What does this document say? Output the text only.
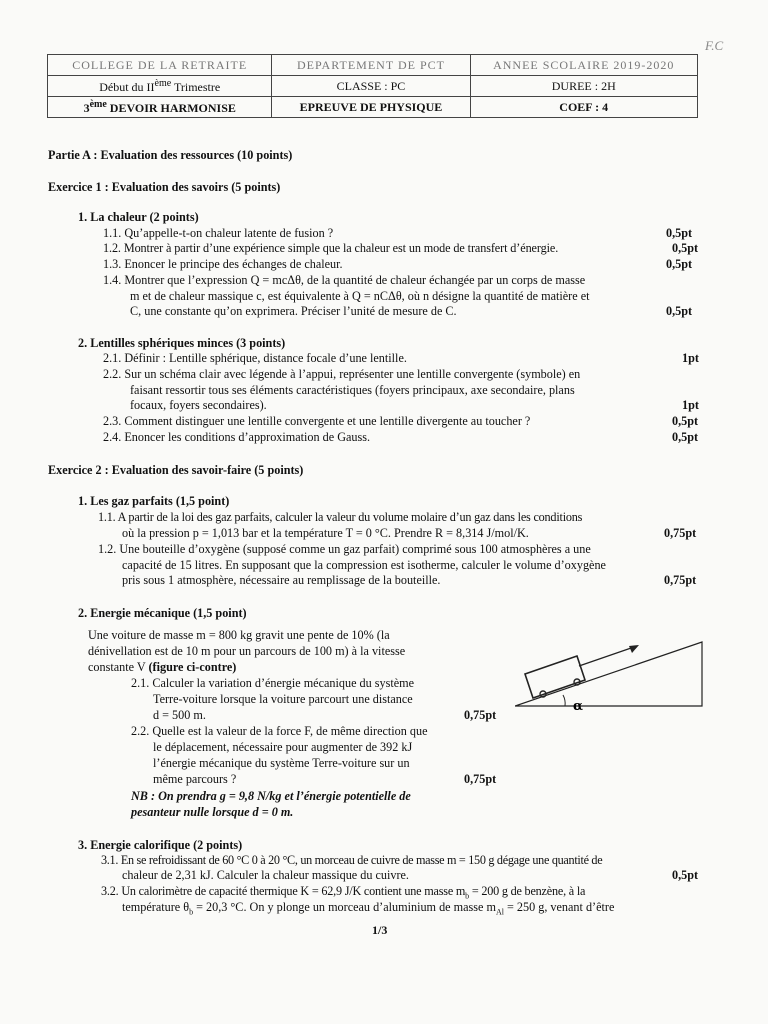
F.C
COLLEGE DE LA RETRAITE	DEPARTEMENT DE PCT	ANNEE SCOLAIRE 2019-2020
Début du IIème Trimestre	CLASSE : PC	DUREE : 2H
3ème DEVOIR HARMONISE	EPREUVE DE PHYSIQUE	COEF : 4
Partie A : Evaluation des ressources (10 points)
Exercice 1 : Evaluation des savoirs (5 points)
1. La chaleur (2 points)
1.1. Qu’appelle-t-on chaleur latente de fusion ?	0,5pt
1.2. Montrer à partir d’une expérience simple que la chaleur est un mode de transfert d’énergie.	0,5pt
1.3. Enoncer le principe des échanges de chaleur.	0,5pt
1.4. Montrer que l’expression Q = mcΔθ, de la quantité de chaleur échangée par un corps de masse
m et de chaleur massique c, est équivalente à Q = nCΔθ, où n désigne la quantité de matière et
C, une constante qu’on exprimera. Préciser l’unité de mesure de C.	0,5pt
2. Lentilles sphériques minces (3 points)
2.1. Définir : Lentille sphérique, distance focale d’une lentille.	1pt
2.2. Sur un schéma clair avec légende à l’appui, représenter une lentille convergente (symbole) en
faisant ressortir tous ses éléments caractéristiques (foyers principaux, axe secondaire, plans
focaux, foyers secondaires).	1pt
2.3. Comment distinguer une lentille convergente et une lentille divergente au toucher ?	0,5pt
2.4. Enoncer les conditions d’approximation de Gauss.	0,5pt
Exercice 2 : Evaluation des savoir-faire (5 points)
1. Les gaz parfaits (1,5 point)
1.1. A partir de la loi des gaz parfaits, calculer la valeur du volume molaire d’un gaz dans les conditions
où la pression p = 1,013 bar et la température T = 0 °C. Prendre R = 8,314 J/mol/K.	0,75pt
1.2. Une bouteille d’oxygène (supposé comme un gaz parfait) comprimé sous 100 atmosphères a une
capacité de 15 litres. En supposant que la compression est isotherme, calculer le volume d’oxygène
pris sous 1 atmosphère, nécessaire au remplissage de la bouteille.	0,75pt
2. Energie mécanique (1,5 point)
Une voiture de masse m = 800 kg gravit une pente de 10% (la
dénivellation est de 10 m pour un parcours de 100 m) à la vitesse
constante V (figure ci-contre)
2.1. Calculer la variation d’énergie mécanique du système
Terre-voiture lorsque la voiture parcourt une distance
d = 500 m.	0,75pt
2.2. Quelle est la valeur de la force F, de même direction que
le déplacement, nécessaire pour augmenter de 392 kJ
l’énergie mécanique du système Terre-voiture sur un
même parcours ?	0,75pt
NB : On prendra g = 9,8 N/kg et l’énergie potentielle de
pesanteur nulle lorsque d = 0 m.
α
3. Energie calorifique (2 points)
3.1. En se refroidissant de 60 °C 0 à 20 °C, un morceau de cuivre de masse m = 150 g dégage une quantité de
chaleur de 2,31 kJ. Calculer la chaleur massique du cuivre.	0,5pt
3.2. Un calorimètre de capacité thermique K = 62,9 J/K contient une masse $m_b = 200$ g de benzène, à la
température $\theta_b = 20,3$ °C. On y plonge un morceau d’aluminium de masse $m_{Al} = 250$ g, venant d’être
1/3
